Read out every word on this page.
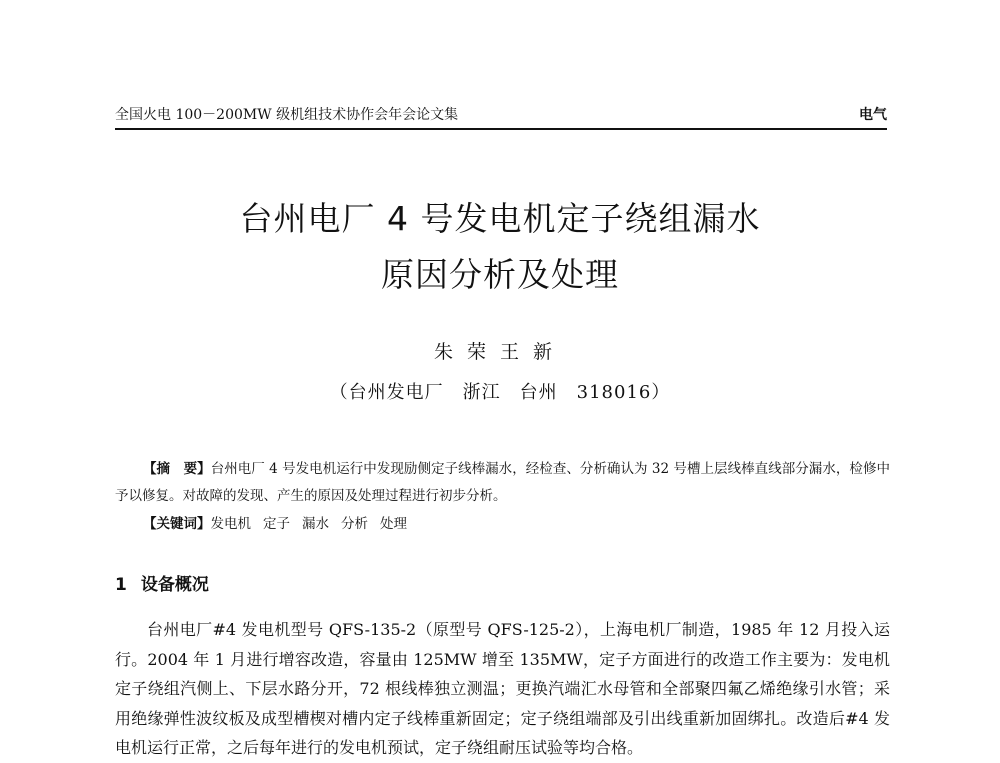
全国火电 100－200MW 级机组技术协作会年会论文集	电气
台州电厂 4 号发电机定子绕组漏水
原因分析及处理
朱荣王新
（台州发电厂　浙江　台州　318016）
【摘　要】台州电厂 4 号发电机运行中发现励侧定子线棒漏水，经检查、分析确认为 32 号槽上层线棒直线部分漏水，检修中予以修复。对故障的发现、产生的原因及处理过程进行初步分析。
【关键词】发电机 定子 漏水 分析 处理
1 设备概况
台州电厂#4 发电机型号 QFS-135-2（原型号 QFS-125-2），上海电机厂制造，1985 年 12 月投入运行。2004 年 1 月进行增容改造，容量由 125MW 增至 135MW，定子方面进行的改造工作主要为：发电机定子绕组汽侧上、下层水路分开，72 根线棒独立测温；更换汽端汇水母管和全部聚四氟乙烯绝缘引水管；采用绝缘弹性波纹板及成型槽楔对槽内定子线棒重新固定；定子绕组端部及引出线重新加固绑扎。改造后#4 发电机运行正常，之后每年进行的发电机预试，定子绕组耐压试验等均合格。
